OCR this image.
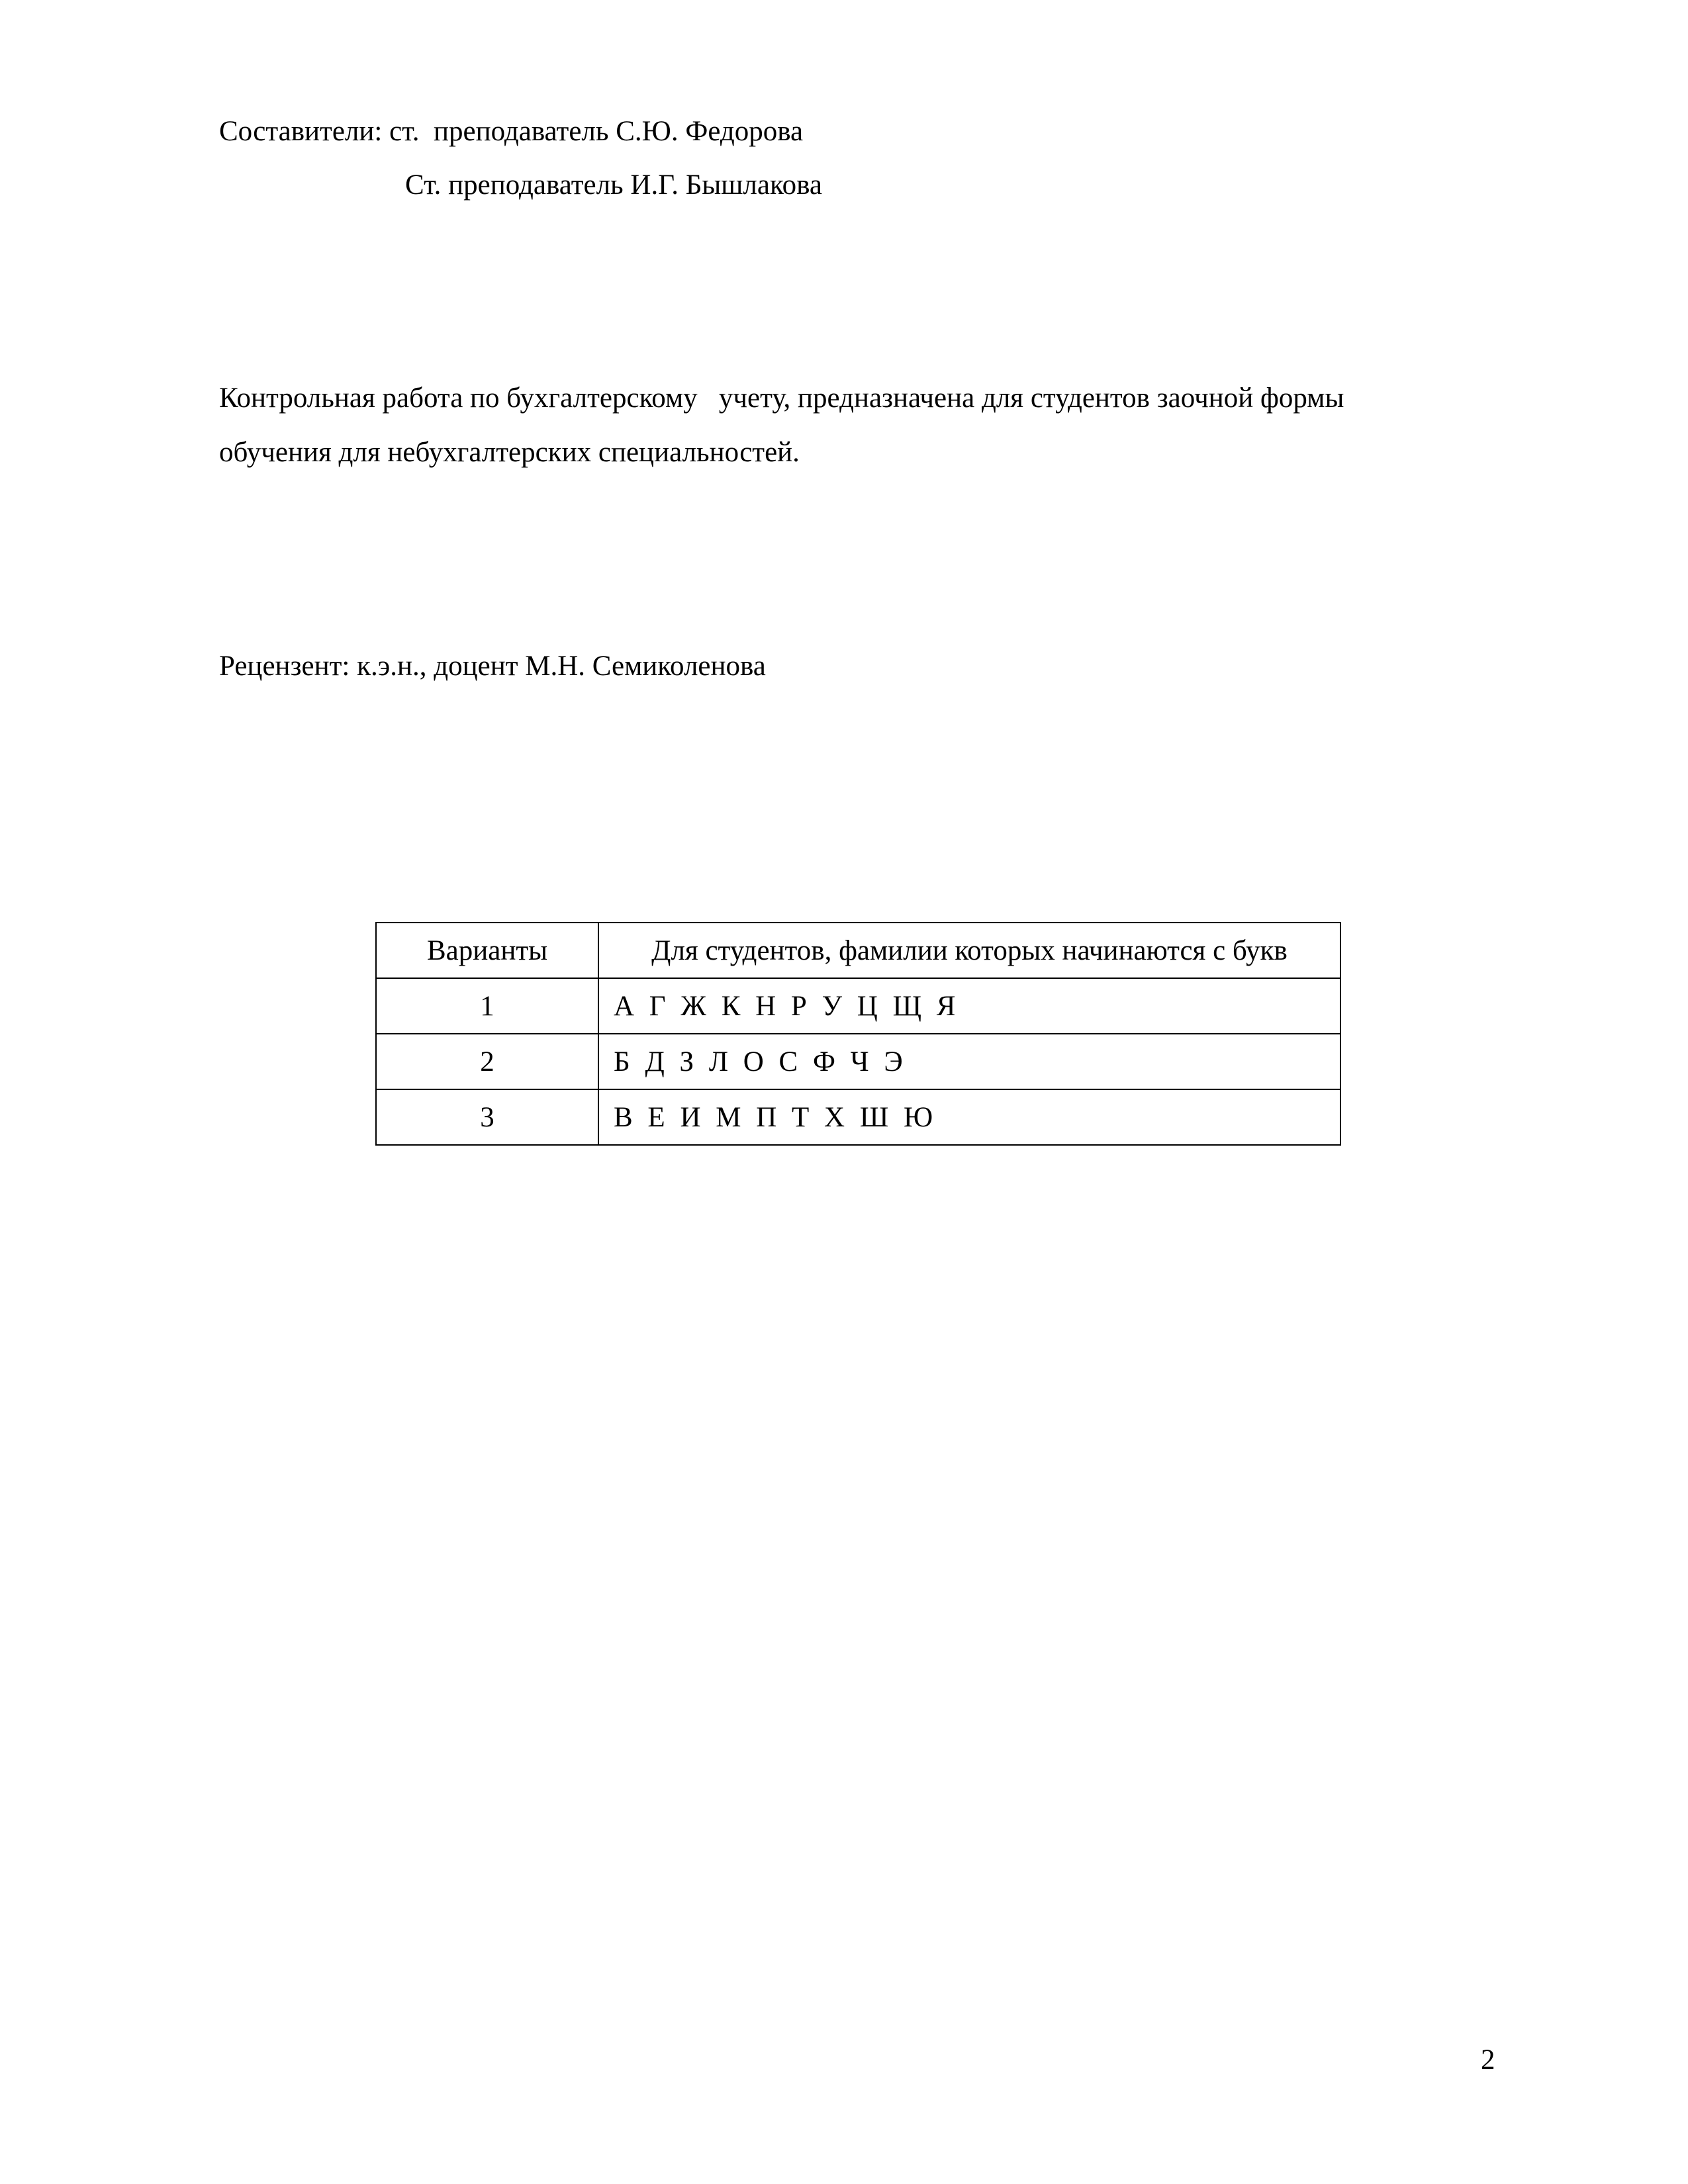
Составители: ст.  преподаватель С.Ю. Федорова
Ст. преподаватель И.Г. Бышлакова
Контрольная работа по бухгалтерскому   учету, предназначена для студентов заочной формы
обучения для небухгалтерских специальностей.
Рецензент: к.э.н., доцент М.Н. Семиколенова
Варианты	Для студентов, фамилии которых начинаются с букв
1	А Г Ж К Н Р У Ц Щ Я
2	Б Д З Л О С Ф Ч Э
3	В Е И М П Т Х Ш Ю
2
